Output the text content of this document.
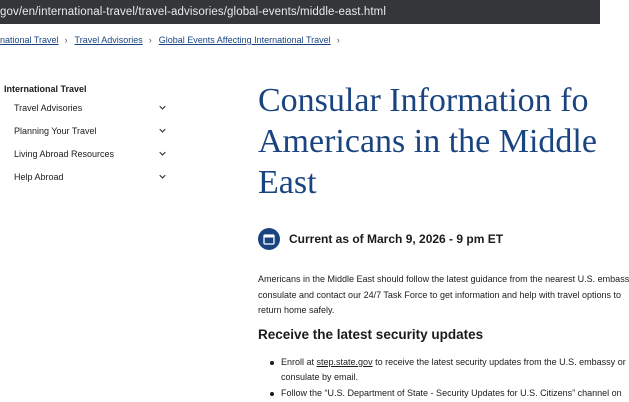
gov/en/international-travel/travel-advisories/global-events/middle-east.html
national Travel › Travel Advisories › Global Events Affecting International Travel ›
International Travel
Travel Advisories
Planning Your Travel
Living Abroad Resources
Help Abroad
Consular Information fo
Americans in the Middle
East
Current as of March 9, 2026 - 9 pm ET
Americans in the Middle East should follow the latest guidance from the nearest U.S. embass
consulate and contact our 24/7 Task Force to get information and help with travel options to
return home safely.
Receive the latest security updates
Enroll at step.state.gov to receive the latest security updates from the U.S. embassy or
consulate by email.
Follow the “U.S. Department of State - Security Updates for U.S. Citizens” channel on
